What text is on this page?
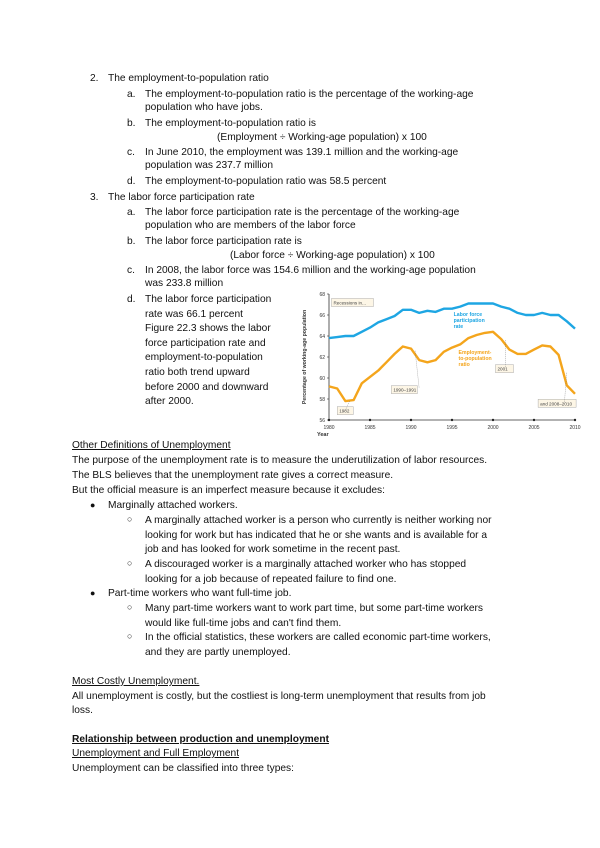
2. The employment-to-population ratio
a. The employment-to-population ratio is the percentage of the working-age
population who have jobs.
b. The employment-to-population ratio is
(Employment ÷ Working-age population) x 100
c. In June 2010, the employment was 139.1 million and the working-age
population was 237.7 million
d. The employment-to-population ratio was 58.5 percent
3. The labor force participation rate
a. The labor force participation rate is the percentage of the working-age
population who are members of the labor force
b. The labor force participation rate is
(Labor force ÷ Working-age population) x 100
c. In 2008, the labor force was 154.6 million and the working-age population
was 233.8 million
d. The labor force participation
rate was 66.1 percent
Figure 22.3 shows the labor
force participation rate and
employment-to-population
ratio both trend upward
before 2000 and downward
after 2000.
56
58
60
62
64
66
68
1980	1985	1990	1995	2000	2005	2010
Year
Percentage of working-age population	Labor force
participation
rate
Employment-
to-population
ratio
Recessions in...
1982
1990–1991
2001
and 2008–2010
Other Definitions of Unemployment
The purpose of the unemployment rate is to measure the underutilization of labor resources.
The BLS believes that the unemployment rate gives a correct measure.
But the official measure is an imperfect measure because it excludes:
● Marginally attached workers.
○ A marginally attached worker is a person who currently is neither working nor
looking for work but has indicated that he or she wants and is available for a
job and has looked for work sometime in the recent past.
○ A discouraged worker is a marginally attached worker who has stopped
looking for a job because of repeated failure to find one.
● Part-time workers who want full-time job.
○ Many part-time workers want to work part time, but some part-time workers
would like full-time jobs and can't find them.
○ In the official statistics, these workers are called economic part-time workers,
and they are partly unemployed.
Most Costly Unemployment.
All unemployment is costly, but the costliest is long-term unemployment that results from job
loss.
Relationship between production and unemployment
Unemployment and Full Employment
Unemployment can be classified into three types:
